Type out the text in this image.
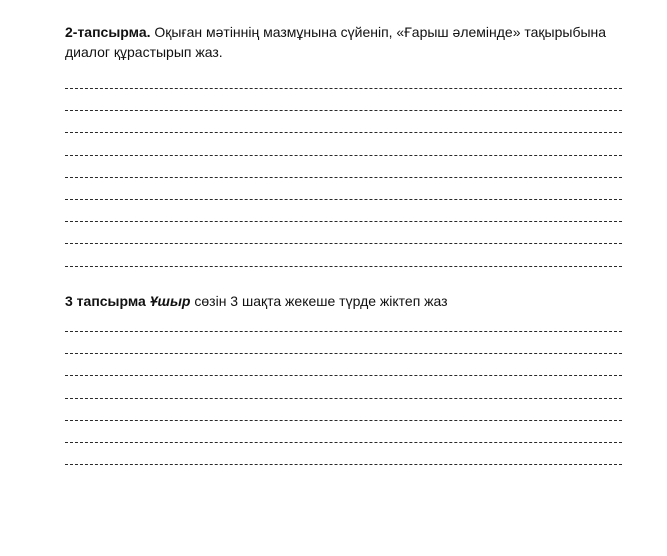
2-тапсырма. Оқыған мәтіннің мазмұнына сүйеніп, «Ғарыш әлемінде» тақырыбына диалог құрастырып жаз.
3 тапсырма Ұшыр сөзін 3 шақта жекеше түрде жіктеп жаз
